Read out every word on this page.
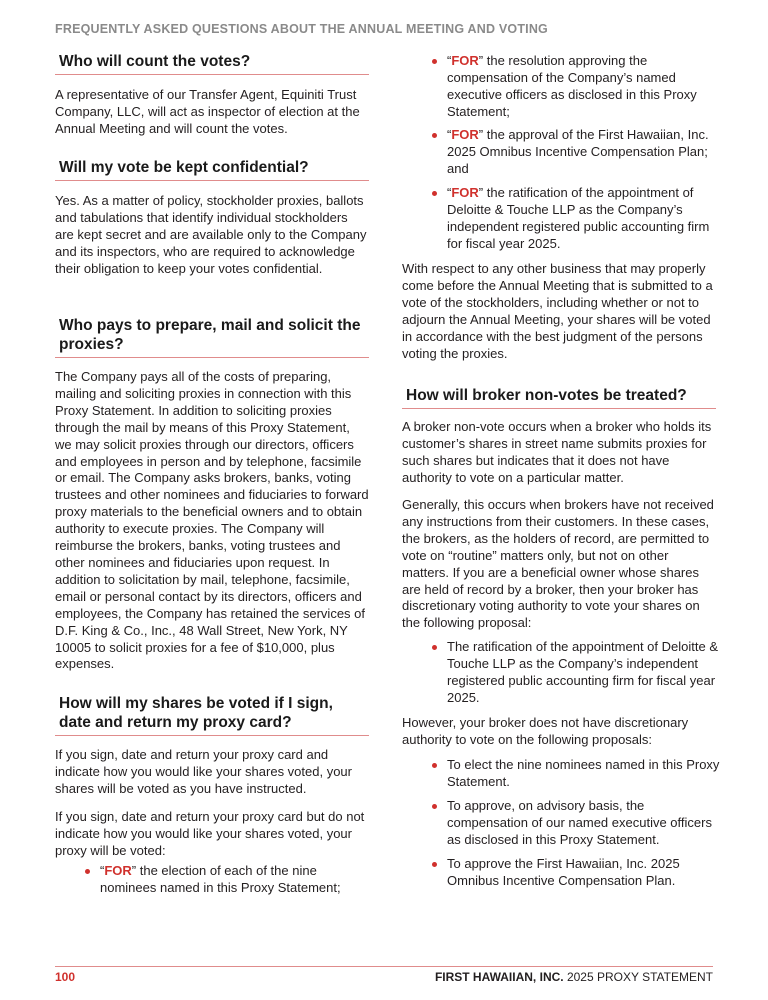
FREQUENTLY ASKED QUESTIONS ABOUT THE ANNUAL MEETING AND VOTING
Who will count the votes?

A representative of our Transfer Agent, Equiniti Trust Company, LLC, will act as inspector of election at the Annual Meeting and will count the votes.

Will my vote be kept confidential?

Yes. As a matter of policy, stockholder proxies, ballots and tabulations that identify individual stockholders are kept secret and are available only to the Company and its inspectors, who are required to acknowledge their obligation to keep your votes confidential.

Who pays to prepare, mail and solicit the proxies?

The Company pays all of the costs of preparing, mailing and soliciting proxies in connection with this Proxy Statement. In addition to soliciting proxies through the mail by means of this Proxy Statement, we may solicit proxies through our directors, officers and employees in person and by telephone, facsimile or email. The Company asks brokers, banks, voting trustees and other nominees and fiduciaries to forward proxy materials to the beneficial owners and to obtain authority to execute proxies. The Company will reimburse the brokers, banks, voting trustees and other nominees and fiduciaries upon request. In addition to solicitation by mail, telephone, facsimile, email or personal contact by its directors, officers and employees, the Company has retained the services of D.F. King & Co., Inc., 48 Wall Street, New York, NY 10005 to solicit proxies for a fee of $10,000, plus expenses.

How will my shares be voted if I sign, date and return my proxy card?

If you sign, date and return your proxy card and indicate how you would like your shares voted, your shares will be voted as you have instructed.

If you sign, date and return your proxy card but do not indicate how you would like your shares voted, your proxy will be voted:

“FOR” the election of each of the nine nominees named in this Proxy Statement;
“FOR” the resolution approving the compensation of the Company’s named executive officers as disclosed in this Proxy Statement;
“FOR” the approval of the First Hawaiian, Inc. 2025 Omnibus Incentive Compensation Plan; and
“FOR” the ratification of the appointment of Deloitte & Touche LLP as the Company’s independent registered public accounting firm for fiscal year 2025.

With respect to any other business that may properly come before the Annual Meeting that is submitted to a vote of the stockholders, including whether or not to adjourn the Annual Meeting, your shares will be voted in accordance with the best judgment of the persons voting the proxies.

How will broker non-votes be treated?

A broker non-vote occurs when a broker who holds its customer’s shares in street name submits proxies for such shares but indicates that it does not have authority to vote on a particular matter.

Generally, this occurs when brokers have not received any instructions from their customers. In these cases, the brokers, as the holders of record, are permitted to vote on “routine” matters only, but not on other matters. If you are a beneficial owner whose shares are held of record by a broker, then your broker has discretionary voting authority to vote your shares on the following proposal:

The ratification of the appointment of Deloitte & Touche LLP as the Company’s independent registered public accounting firm for fiscal year 2025.

However, your broker does not have discretionary authority to vote on the following proposals:

To elect the nine nominees named in this Proxy Statement.
To approve, on advisory basis, the compensation of our named executive officers as disclosed in this Proxy Statement.
To approve the First Hawaiian, Inc. 2025 Omnibus Incentive Compensation Plan.
100	FIRST HAWAIIAN, INC. 2025 PROXY STATEMENT
